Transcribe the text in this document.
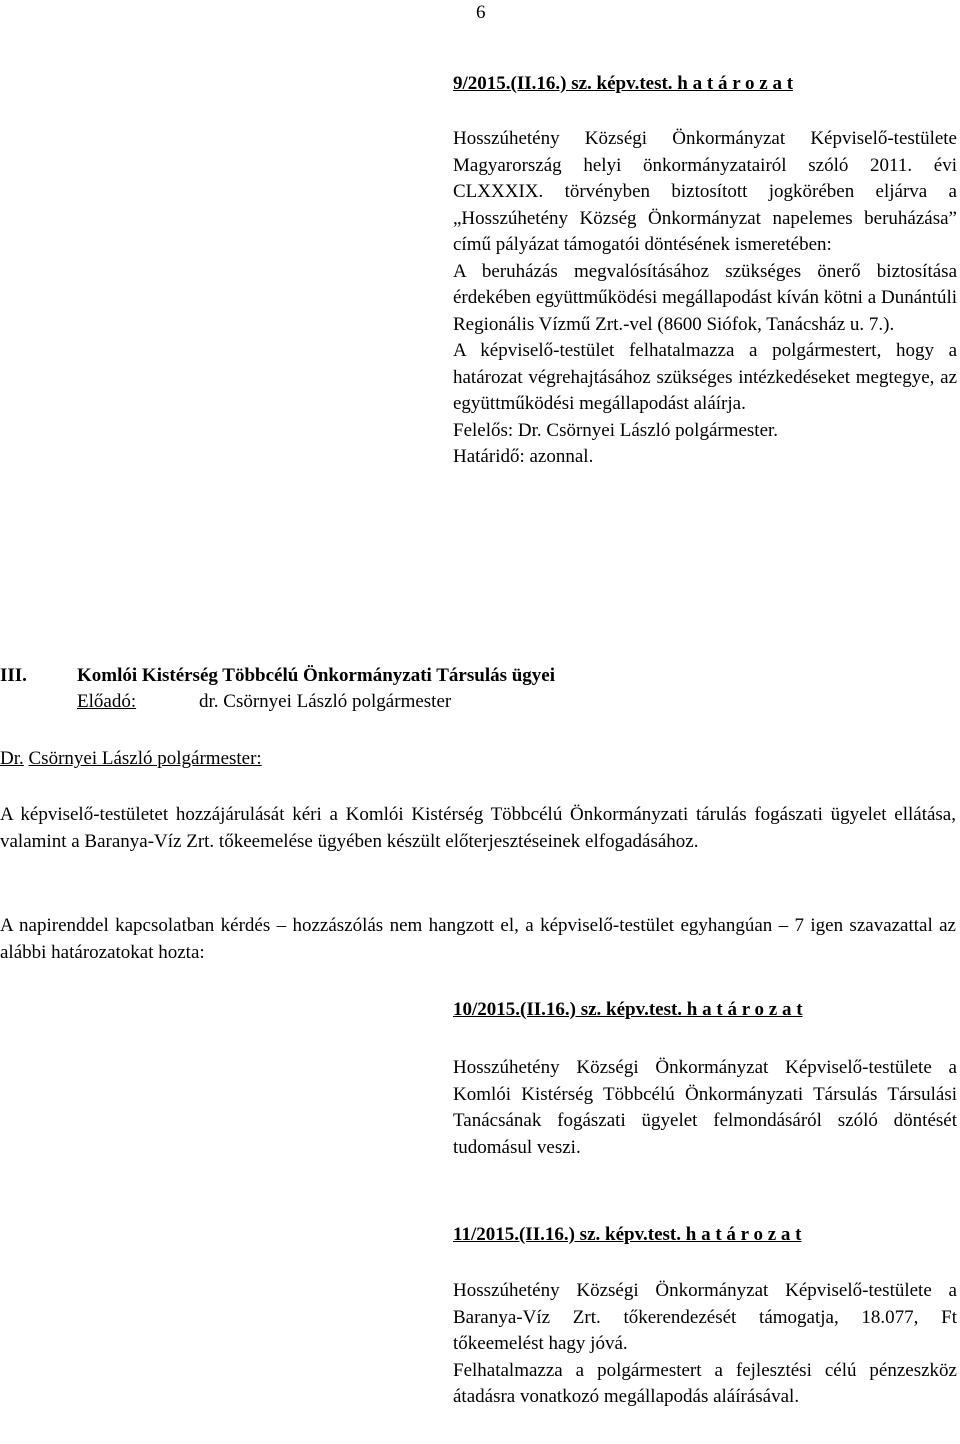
6

9/2015.(II.16.) sz. képv.test. h a t á r o z a t

Hosszúhetény Községi Önkormányzat Képviselő-testülete Magyarország helyi önkormányzatairól szóló 2011. évi CLXXXIX. törvényben biztosított jogkörében eljárva a „Hosszúhetény Község Önkormányzat napelemes beruházása” című pályázat támogatói döntésének ismeretében:

A beruházás megvalósításához szükséges önerő biztosítása érdekében együttműködési megállapodást kíván kötni a Dunántúli Regionális Vízmű Zrt.-vel (8600 Siófok, Tanácsház u. 7.).

A képviselő-testület felhatalmazza a polgármestert, hogy a határozat végrehajtásához szükséges intézkedéseket megtegye, az együttműködési megállapodást aláírja.

Felelős: Dr. Csörnyei László polgármester.

Határidő: azonnal.

III.	Komlói Kistérség Többcélú Önkormányzati Társulás ügyei
Előadó:	dr. Csörnyei László polgármester
Dr. Csörnyei László polgármester:

A képviselő-testületet hozzájárulását kéri a Komlói Kistérség Többcélú Önkormányzati tárulás fogászati ügyelet ellátása, valamint a Baranya-Víz Zrt. tőkeemelése ügyében készült előterjesztéseinek elfogadásához.

A napirenddel kapcsolatban kérdés – hozzászólás nem hangzott el, a képviselő-testület egyhangúan – 7 igen szavazattal az alábbi határozatokat hozta:

10/2015.(II.16.) sz. képv.test. h a t á r o z a t

Hosszúhetény Községi Önkormányzat Képviselő-testülete a Komlói Kistérség Többcélú Önkormányzati Társulás Társulási Tanácsának fogászati ügyelet felmondásáról szóló döntését tudomásul veszi.

11/2015.(II.16.) sz. képv.test. h a t á r o z a t

Hosszúhetény Községi Önkormányzat Képviselő-testülete a Baranya-Víz Zrt. tőkerendezését támogatja, 18.077, Ft tőkeemelést hagy jóvá.

Felhatalmazza a polgármestert a fejlesztési célú pénzeszköz átadásra vonatkozó megállapodás aláírásával.
